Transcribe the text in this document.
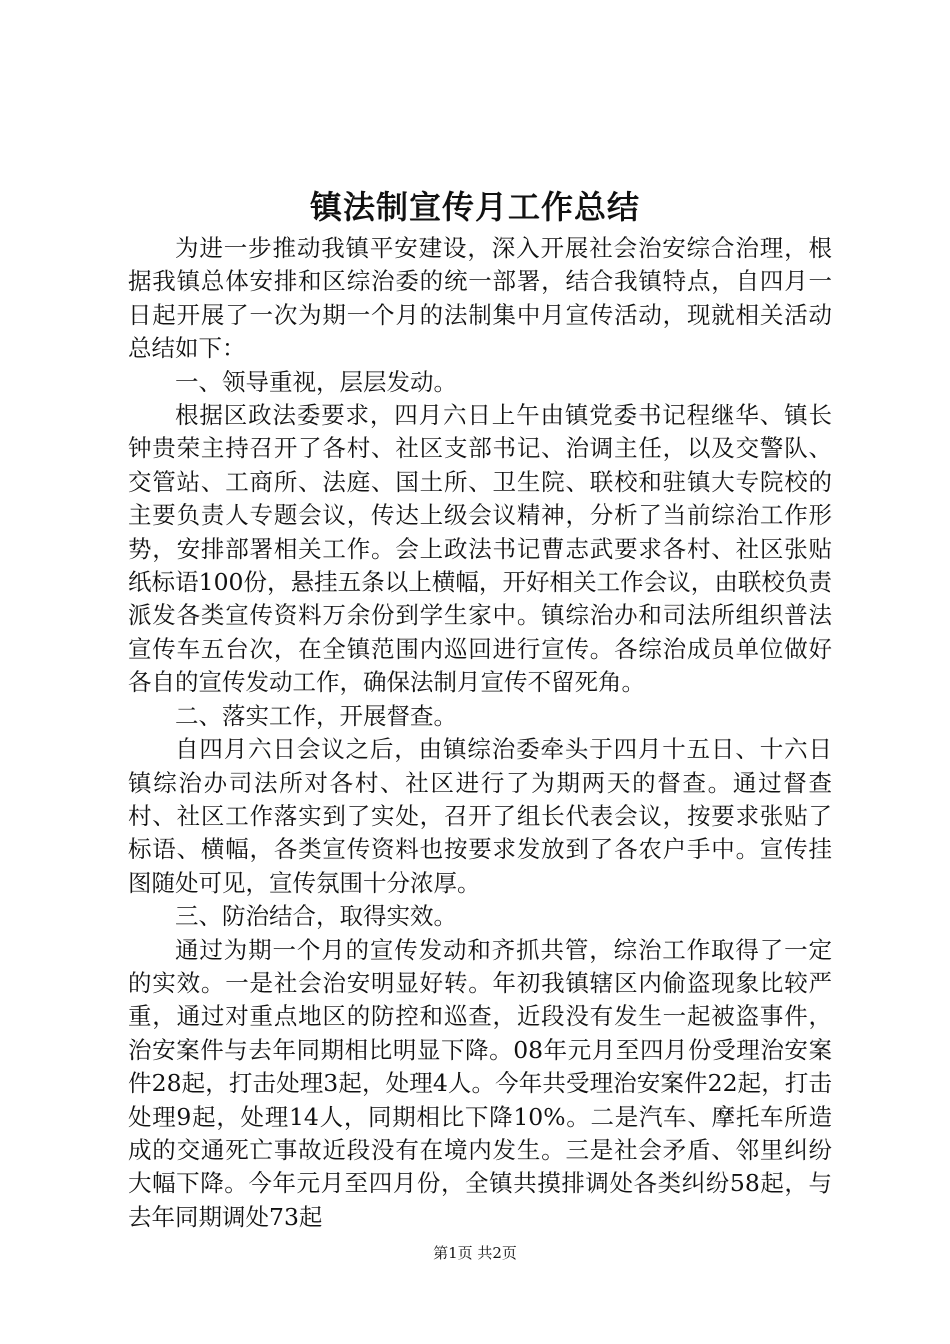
镇法制宣传月工作总结

为进一步推动我镇平安建设，深入开展社会治安综合治理，根据我镇总体安排和区综治委的统一部署，结合我镇特点，自四月一日起开展了一次为期一个月的法制集中月宣传活动，现就相关活动总结如下：

一、领导重视，层层发动。

根据区政法委要求，四月六日上午由镇党委书记程继华、镇长钟贵荣主持召开了各村、社区支部书记、治调主任，以及交警队、交管站、工商所、法庭、国土所、卫生院、联校和驻镇大专院校的主要负责人专题会议，传达上级会议精神，分析了当前综治工作形势，安排部署相关工作。会上政法书记曹志武要求各村、社区张贴纸标语100份，悬挂五条以上横幅，开好相关工作会议，由联校负责派发各类宣传资料万余份到学生家中。镇综治办和司法所组织普法宣传车五台次，在全镇范围内巡回进行宣传。各综治成员单位做好各自的宣传发动工作，确保法制月宣传不留死角。

二、落实工作，开展督查。

自四月六日会议之后，由镇综治委牵头于四月十五日、十六日镇综治办司法所对各村、社区进行了为期两天的督查。通过督查村、社区工作落实到了实处，召开了组长代表会议，按要求张贴了标语、横幅，各类宣传资料也按要求发放到了各农户手中。宣传挂图随处可见，宣传氛围十分浓厚。

三、防治结合，取得实效。

通过为期一个月的宣传发动和齐抓共管，综治工作取得了一定的实效。一是社会治安明显好转。年初我镇辖区内偷盗现象比较严重，通过对重点地区的防控和巡查，近段没有发生一起被盗事件，治安案件与去年同期相比明显下降。08年元月至四月份受理治安案件28起，打击处理3起，处理4人。今年共受理治安案件22起，打击处理9起，处理14人，同期相比下降10%。二是汽车、摩托车所造成的交通死亡事故近段没有在境内发生。三是社会矛盾、邻里纠纷大幅下降。今年元月至四月份，全镇共摸排调处各类纠纷58起，与去年同期调处73起

第1页 共2页
